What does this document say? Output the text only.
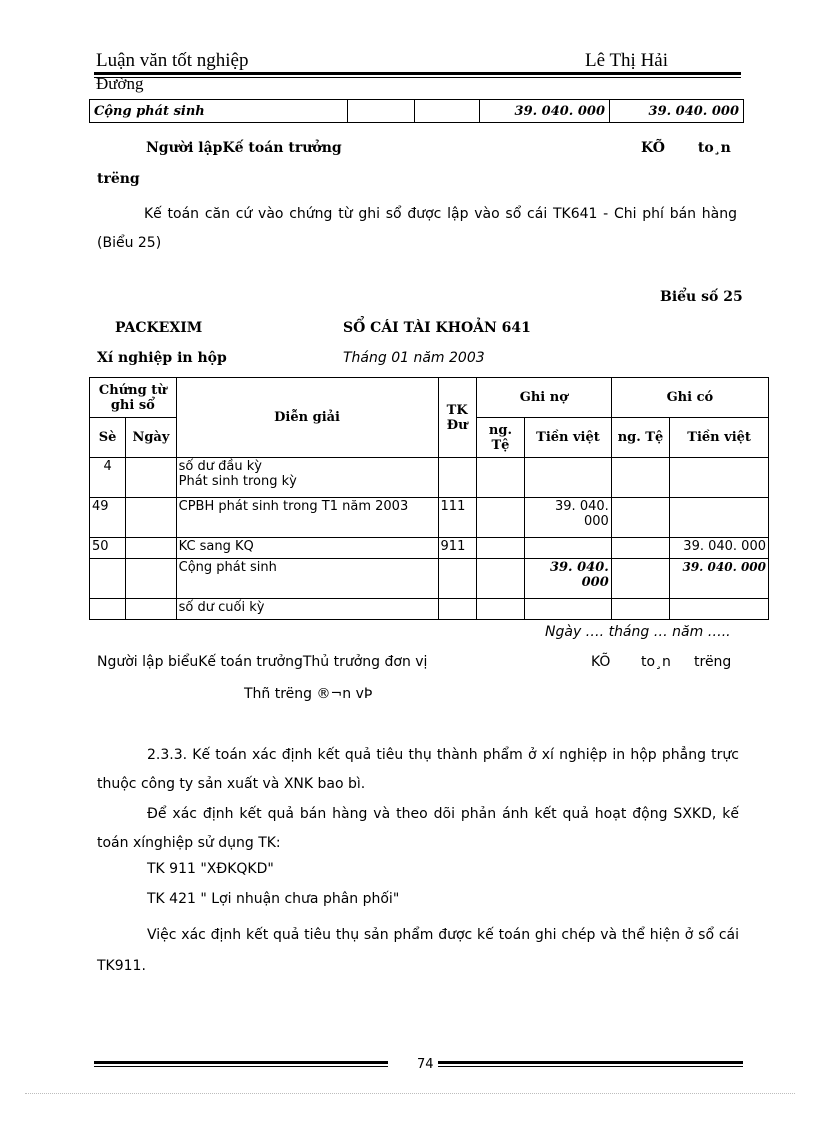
Luận văn tốt nghiệp	Lê Thị Hải
Đường
Cộng phát sinh			39. 040. 000	39. 040. 000
Người lậpKế toán trưởng	KÕ to¸n
trëng
Kế toán căn cứ vào chứng từ ghi sổ được lập vào sổ cái TK641 - Chi phí bán hàng (Biểu 25)
Biểu số 25
PACKEXIM	SỔ CÁI TÀI KHOẢN 641
Xí nghiệp in hộp	Tháng 01 năm 2003
Chứng từ ghi sổ		Diễn giải	TK Đư	Ghi nợ		Ghi có	
Sè	Ngày			ng. Tệ	Tiền việt	ng. Tệ	Tiền việt
4		số dư đầu kỳ
Phát sinh trong kỳ					

49		CPBH phát sinh trong T1 năm 2003	111		39. 040. 000		
50		KC sang KQ	911				39. 040. 000
		Cộng phát sinh			39. 040. 000		39. 040. 000
		số dư cuối kỳ					
Ngày …. tháng … năm …..
Người lập biểuKế toán trưởngThủ trưởng đơn vị	KÕ to¸n trëng
Thñ trëng ®¬n vÞ
2.3.3. Kế toán xác định kết quả tiêu thụ thành phẩm ở xí nghiệp in hộp phẳng trực thuộc công ty sản xuất và XNK bao bì.
Để xác định kết quả bán hàng và theo dõi phản ánh kết quả hoạt động SXKD, kế toán xínghiệp sử dụng TK:
TK 911 "XĐKQKD"
TK 421 " Lợi nhuận chưa phân phối"
Việc xác định kết quả tiêu thụ sản phẩm được kế toán ghi chép và thể hiện ở sổ cái TK911.
74
